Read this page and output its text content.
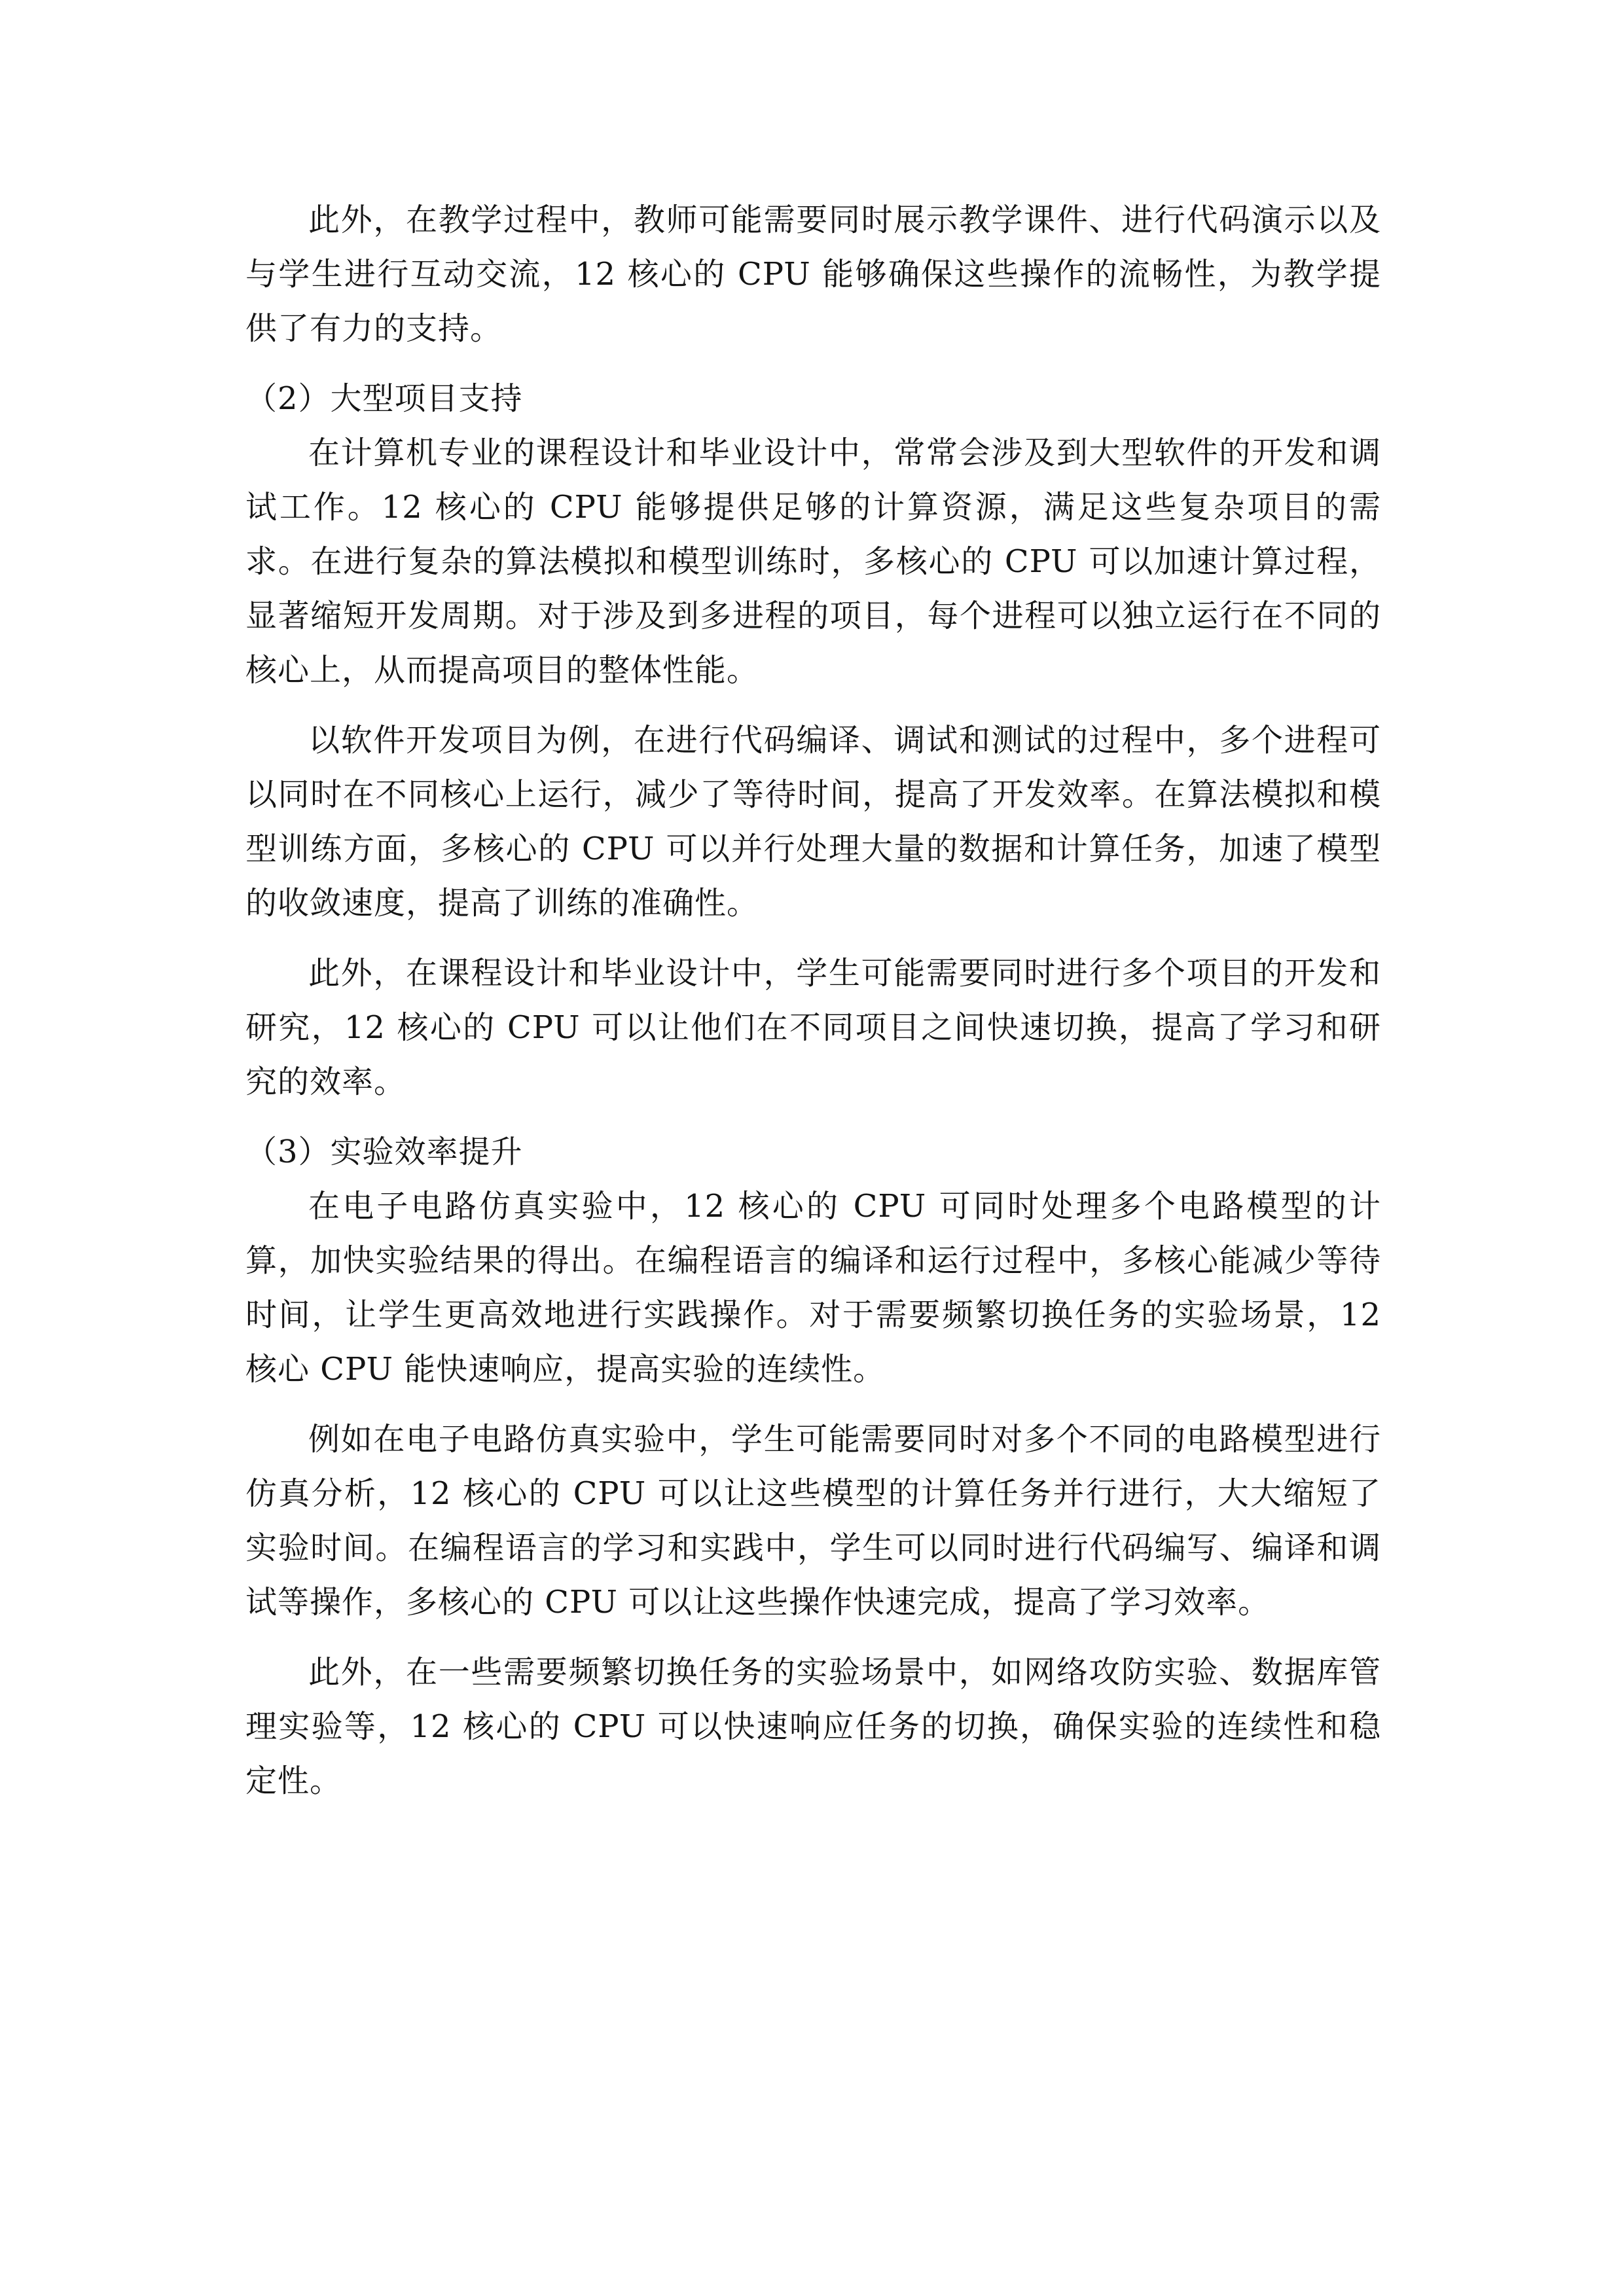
此外，在教学过程中，教师可能需要同时展示教学课件、进行代码演示以及与学生进行互动交流，12 核心的 CPU 能够确保这些操作的流畅性，为教学提供了有力的支持。

（2）大型项目支持

在计算机专业的课程设计和毕业设计中，常常会涉及到大型软件的开发和调试工作。12 核心的 CPU 能够提供足够的计算资源，满足这些复杂项目的需求。在进行复杂的算法模拟和模型训练时，多核心的 CPU 可以加速计算过程，显著缩短开发周期。对于涉及到多进程的项目，每个进程可以独立运行在不同的核心上，从而提高项目的整体性能。

以软件开发项目为例，在进行代码编译、调试和测试的过程中，多个进程可以同时在不同核心上运行，减少了等待时间，提高了开发效率。在算法模拟和模型训练方面，多核心的 CPU 可以并行处理大量的数据和计算任务，加速了模型的收敛速度，提高了训练的准确性。

此外，在课程设计和毕业设计中，学生可能需要同时进行多个项目的开发和研究，12 核心的 CPU 可以让他们在不同项目之间快速切换，提高了学习和研究的效率。

（3）实验效率提升

在电子电路仿真实验中，12 核心的 CPU 可同时处理多个电路模型的计算，加快实验结果的得出。在编程语言的编译和运行过程中，多核心能减少等待时间，让学生更高效地进行实践操作。对于需要频繁切换任务的实验场景，12 核心 CPU 能快速响应，提高实验的连续性。

例如在电子电路仿真实验中，学生可能需要同时对多个不同的电路模型进行仿真分析，12 核心的 CPU 可以让这些模型的计算任务并行进行，大大缩短了实验时间。在编程语言的学习和实践中，学生可以同时进行代码编写、编译和调试等操作，多核心的 CPU 可以让这些操作快速完成，提高了学习效率。

此外，在一些需要频繁切换任务的实验场景中，如网络攻防实验、数据库管理实验等，12 核心的 CPU 可以快速响应任务的切换，确保实验的连续性和稳定性。
